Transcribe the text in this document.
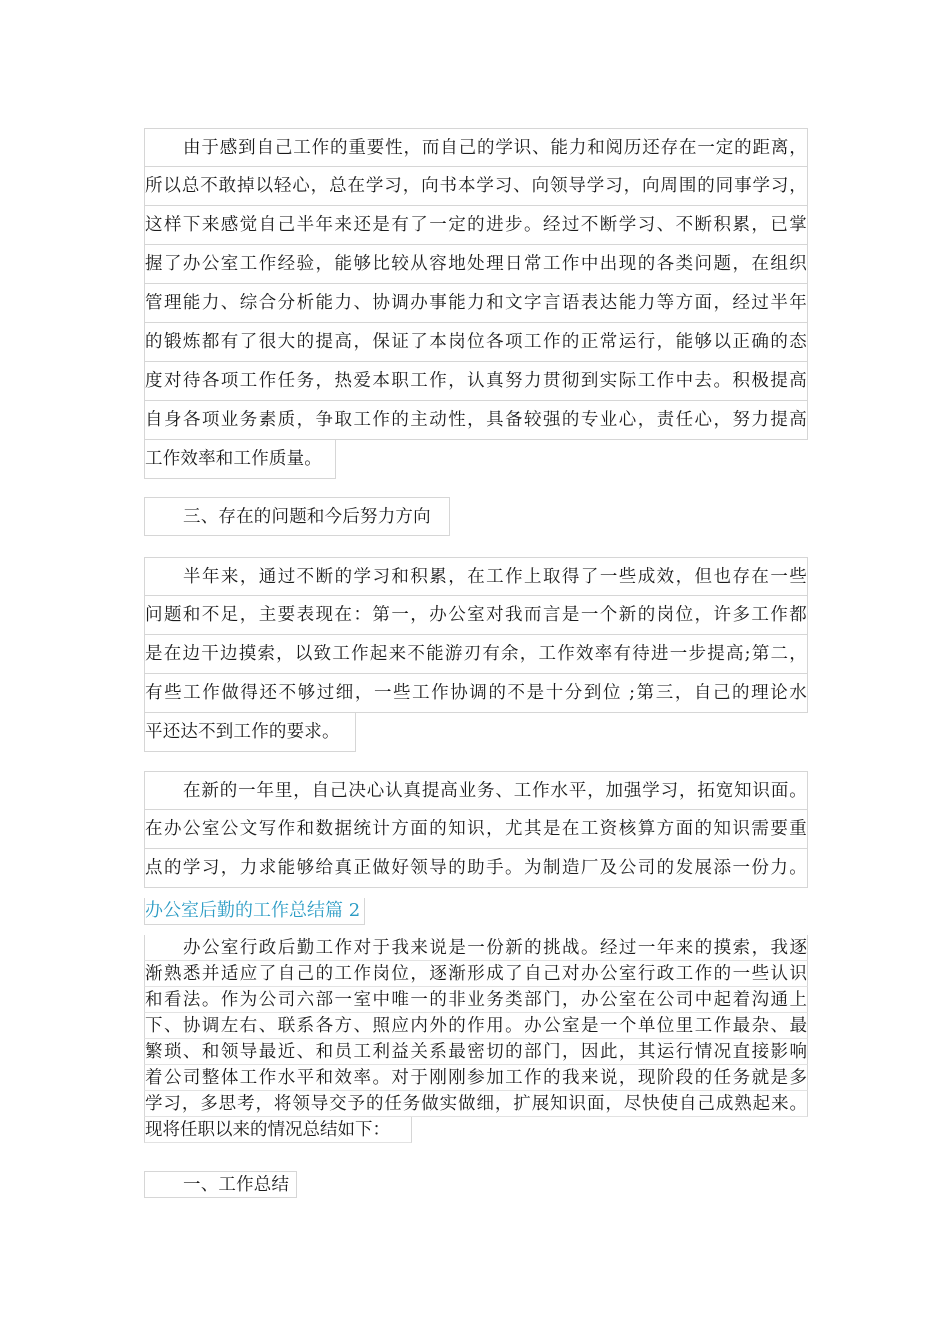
由于感到自己工作的重要性，而自己的学识、能力和阅历还存在一定的距离，
所以总不敢掉以轻心，总在学习，向书本学习、向领导学习，向周围的同事学习，
这样下来感觉自己半年来还是有了一定的进步。经过不断学习、不断积累，已掌
握了办公室工作经验，能够比较从容地处理日常工作中出现的各类问题，在组织
管理能力、综合分析能力、协调办事能力和文字言语表达能力等方面，经过半年
的锻炼都有了很大的提高，保证了本岗位各项工作的正常运行，能够以正确的态
度对待各项工作任务，热爱本职工作，认真努力贯彻到实际工作中去。积极提高
自身各项业务素质，争取工作的主动性，具备较强的专业心，责任心，努力提高
工作效率和工作质量。
三、存在的问题和今后努力方向
半年来，通过不断的学习和积累，在工作上取得了一些成效，但也存在一些
问题和不足，主要表现在：第一，办公室对我而言是一个新的岗位，许多工作都
是在边干边摸索，以致工作起来不能游刃有余，工作效率有待进一步提高;第二，
有些工作做得还不够过细，一些工作协调的不是十分到位 ;第三，自己的理论水
平还达不到工作的要求。
在新的一年里，自己决心认真提高业务、工作水平，加强学习，拓宽知识面。
在办公室公文写作和数据统计方面的知识，尤其是在工资核算方面的知识需要重
点的学习，力求能够给真正做好领导的助手。为制造厂及公司的发展添一份力。
办公室后勤的工作总结篇 2
办公室行政后勤工作对于我来说是一份新的挑战。经过一年来的摸索，我逐
渐熟悉并适应了自己的工作岗位，逐渐形成了自己对办公室行政工作的一些认识
和看法。作为公司六部一室中唯一的非业务类部门，办公室在公司中起着沟通上
下、协调左右、联系各方、照应内外的作用。办公室是一个单位里工作最杂、最
繁琐、和领导最近、和员工利益关系最密切的部门，因此，其运行情况直接影响
着公司整体工作水平和效率。对于刚刚参加工作的我来说，现阶段的任务就是多
学习，多思考，将领导交予的任务做实做细，扩展知识面，尽快使自己成熟起来。
现将任职以来的情况总结如下：
一、工作总结
